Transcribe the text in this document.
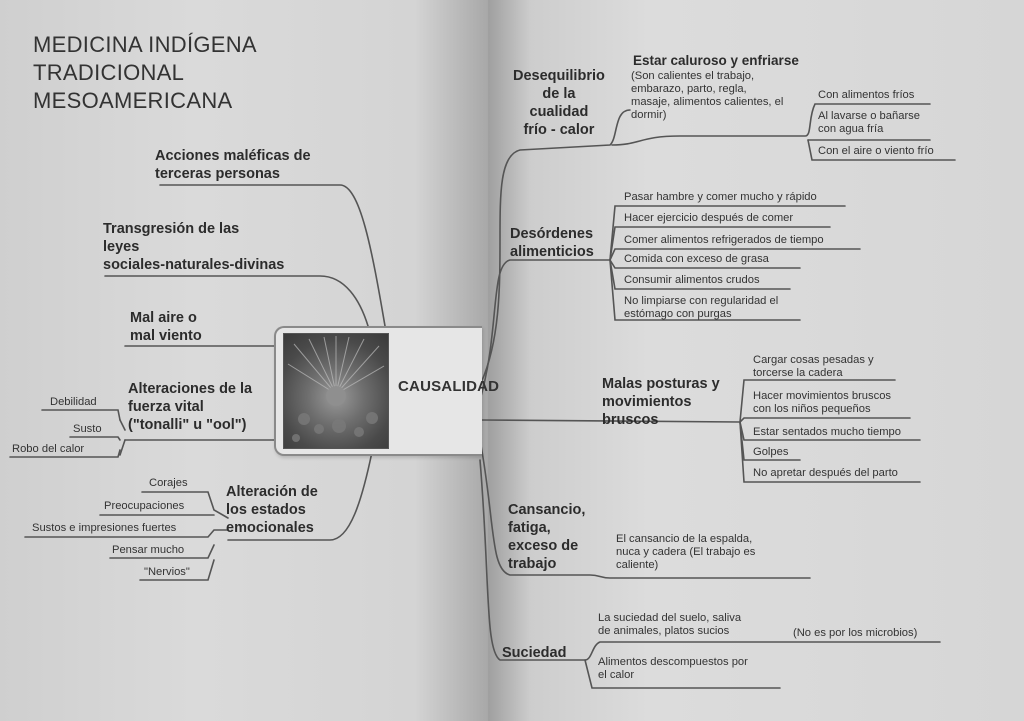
MEDICINA INDÍGENA
TRADICIONAL
MESOAMERICANA

Acciones maléficas de
terceras personas

Transgresión de las
leyes
sociales-naturales-divinas

Mal aire o
mal viento

Alteraciones de la
fuerza vital
("tonalli" u "ool")

Debilidad

Susto

Robo del calor

Alteración de
los estados
emocionales

Corajes

Preocupaciones

Sustos e impresiones fuertes

Pensar mucho

"Nervios"

CAUSALIDAD

Desequilibrio
de la
cualidad
frío - calor

Estar caluroso y enfriarse

(Son calientes el trabajo,
embarazo, parto, regla,
masaje, alimentos calientes, el
dormir)

Con alimentos fríos

Al lavarse o bañarse
con agua fría

Con el aire o viento frío

Desórdenes
alimenticios

Pasar hambre y comer mucho y rápido

Hacer ejercicio después de comer

Comer alimentos refrigerados de tiempo

Comida con exceso de grasa

Consumir alimentos crudos

No limpiarse con regularidad el
estómago con purgas

Malas posturas y
movimientos
bruscos

Cargar cosas pesadas y
torcerse la cadera

Hacer movimientos bruscos
con los niños pequeños

Estar sentados mucho tiempo

Golpes

No apretar después del parto

Cansancio,
fatiga,
exceso de
trabajo

El cansancio de la espalda,
nuca y cadera (El trabajo es
caliente)

Suciedad

La suciedad del suelo, saliva
de animales, platos sucios	(No es por los microbios)

Alimentos descompuestos por
el calor
